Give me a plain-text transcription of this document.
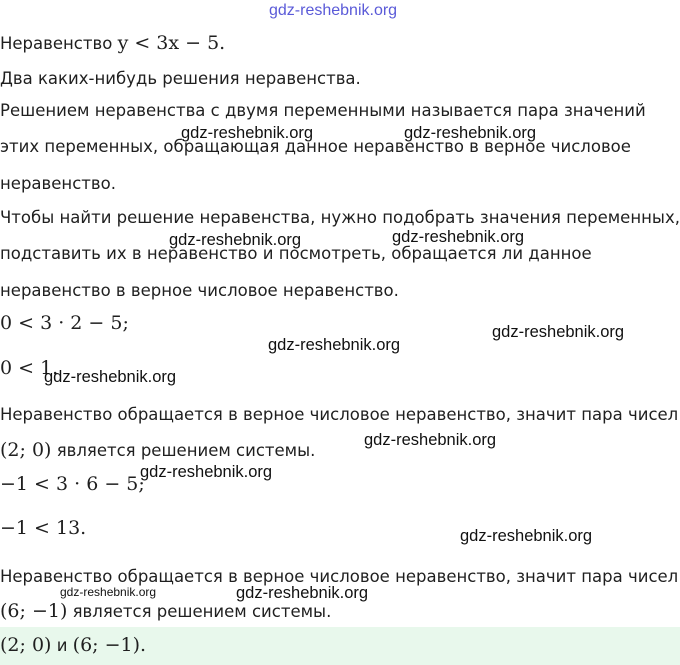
Неравенство y < 3x − 5.
Два каких-нибудь решения неравенства.
Решением неравенства с двумя переменными называется пара значений
этих переменных, обращающая данное неравенство в верное числовое
неравенство.
Чтобы найти решение неравенства, нужно подобрать значения переменных,
подставить их в неравенство и посмотреть, обращается ли данное
неравенство в верное числовое неравенство.
0 < 3 · 2 − 5;
0 < 1.
Неравенство обращается в верное числовое неравенство, значит пара чисел
(2; 0) является решением системы.
−1 < 3 · 6 − 5;
−1 < 13.
Неравенство обращается в верное числовое неравенство, значит пара чисел
(6; −1) является решением системы.
(2; 0) и (6; −1).
gdz-reshebnik.org
gdz-reshebnik.org	gdz-reshebnik.org
gdz-reshebnik.org	gdz-reshebnik.org
gdz-reshebnik.org
gdz-reshebnik.org
gdz-reshebnik.org
gdz-reshebnik.org
gdz-reshebnik.org
gdz-reshebnik.org
gdz-reshebnik.org	gdz-reshebnik.org
